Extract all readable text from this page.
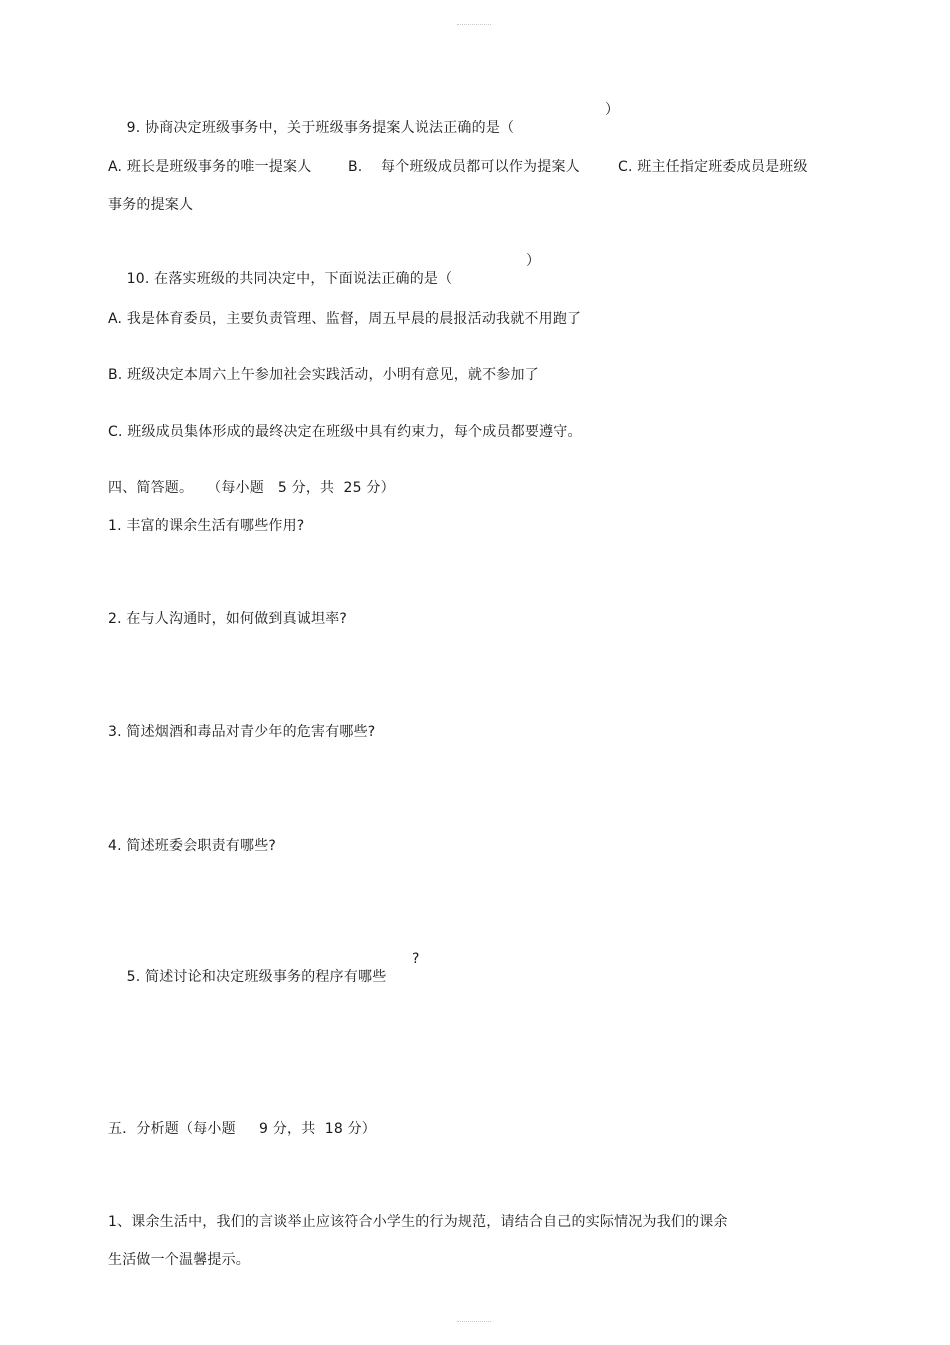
9. 协商决定班级事务中，关于班级事务提案人说法正确的是（

）

A. 班长是班级事务的唯一提案人

	B.    每个班级成员都可以作为提案人

	C. 班主任指定班委成员是班级

事务的提案人

10. 在落实班级的共同决定中，下面说法正确的是（

）

A. 我是体育委员，主要负责管理、监督，周五早晨的晨报活动我就不用跑了
B. 班级决定本周六上午参加社会实践活动，小明有意见，就不参加了
C. 班级成员集体形成的最终决定在班级中具有约束力，每个成员都要遵守。
四、简答题。   （每小题   5 分，共  25 分）
1. 丰富的课余生活有哪些作用?
2. 在与人沟通时，如何做到真诚坦率?
3. 简述烟酒和毒品对青少年的危害有哪些?
4. 简述班委会职责有哪些?

5. 简述讨论和决定班级事务的程序有哪些

?

五．分析题（每小题     9 分，共  18 分）
1、课余生活中，我们的言谈举止应该符合小学生的行为规范，请结合自己的实际情况为我们的课余
生活做一个温馨提示。
